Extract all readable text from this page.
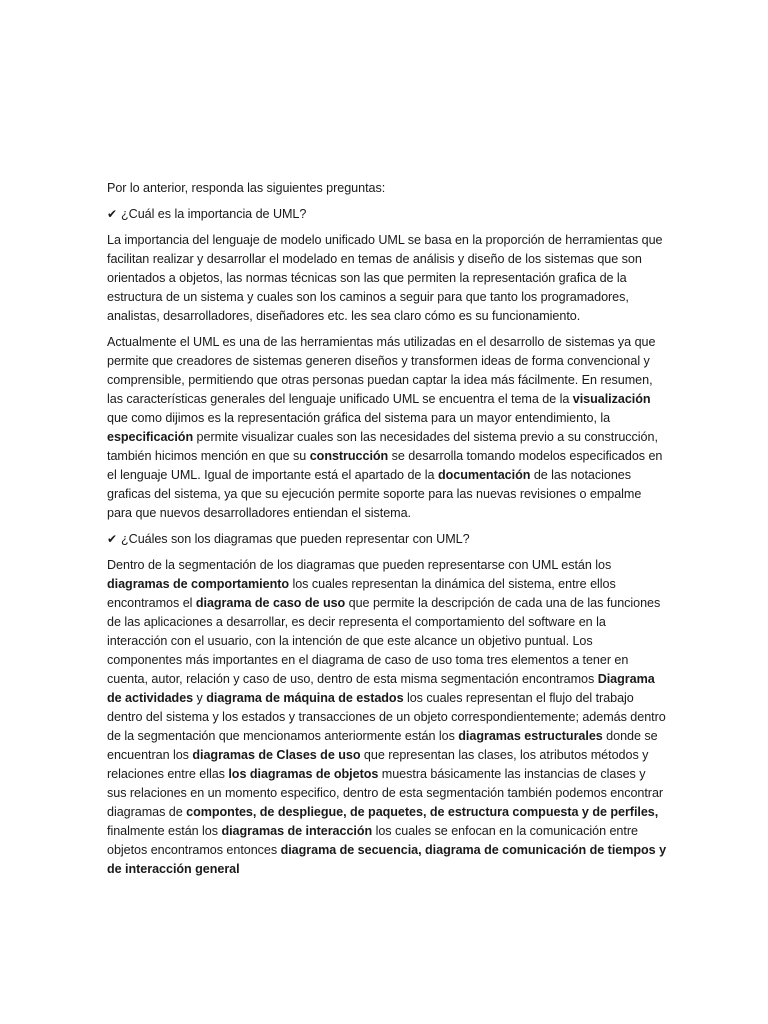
Por lo anterior, responda las siguientes preguntas:

✔ ¿Cuál es la importancia de UML?

La importancia del lenguaje de modelo unificado UML se basa en la proporción de herramientas que facilitan realizar y desarrollar el modelado en temas de análisis y diseño de los sistemas que son orientados a objetos, las normas técnicas son las que permiten la representación grafica de la estructura de un sistema y cuales son los caminos a seguir para que tanto los programadores, analistas, desarrolladores, diseñadores etc. les sea claro cómo es su funcionamiento.

Actualmente el UML es una de las herramientas más utilizadas en el desarrollo de sistemas ya que permite que creadores de sistemas generen diseños y transformen ideas de forma convencional y comprensible, permitiendo que otras personas puedan captar la idea más fácilmente. En resumen, las características generales del lenguaje unificado UML se encuentra el tema de la visualización que como dijimos es la representación gráfica del sistema para un mayor entendimiento, la especificación permite visualizar cuales son las necesidades del sistema previo a su construcción, también hicimos mención en que su construcción se desarrolla tomando modelos especificados en el lenguaje UML. Igual de importante está el apartado de la documentación de las notaciones graficas del sistema, ya que su ejecución permite soporte para las nuevas revisiones o empalme para que nuevos desarrolladores entiendan el sistema.

✔ ¿Cuáles son los diagramas que pueden representar con UML?

Dentro de la segmentación de los diagramas que pueden representarse con UML están los diagramas de comportamiento los cuales representan la dinámica del sistema, entre ellos encontramos el diagrama de caso de uso que permite la descripción de cada una de las funciones de las aplicaciones a desarrollar, es decir representa el comportamiento del software en la interacción con el usuario, con la intención de que este alcance un objetivo puntual. Los componentes más importantes en el diagrama de caso de uso toma tres elementos a tener en cuenta, autor, relación y caso de uso, dentro de esta misma segmentación encontramos Diagrama de actividades y diagrama de máquina de estados los cuales representan el flujo del trabajo dentro del sistema y los estados y transacciones de un objeto correspondientemente; además dentro de la segmentación que mencionamos anteriormente están los diagramas estructurales donde se encuentran los diagramas de Clases de uso que representan las clases, los atributos métodos y relaciones entre ellas los diagramas de objetos muestra básicamente las instancias de clases y sus relaciones en un momento especifico, dentro de esta segmentación también podemos encontrar diagramas de compontes, de despliegue, de paquetes, de estructura compuesta y de perfiles, finalmente están los diagramas de interacción los cuales se enfocan en la comunicación entre objetos encontramos entonces diagrama de secuencia, diagrama de comunicación de tiempos y de interacción general
